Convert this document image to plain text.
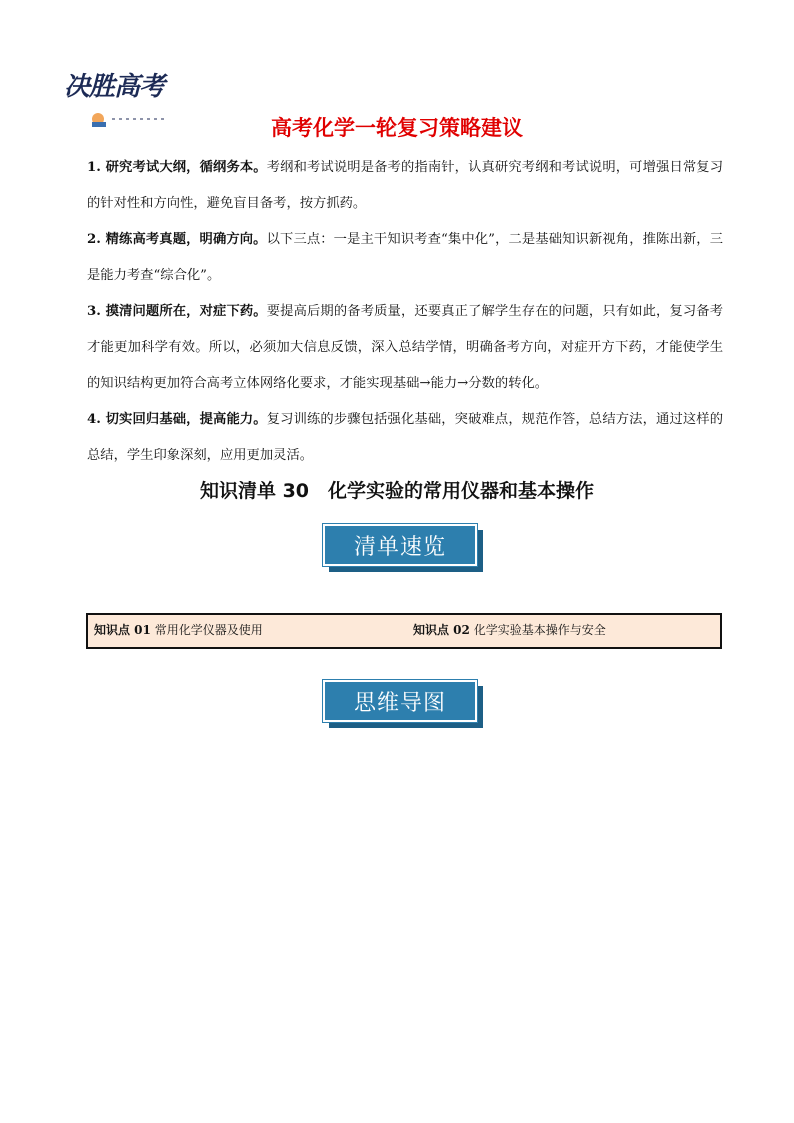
决胜高考
高考化学一轮复习策略建议

1. 研究考试大纲，循纲务本。考纲和考试说明是备考的指南针，认真研究考纲和考试说明，可增强日常复习的针对性和方向性，避免盲目备考，按方抓药。

2. 精练高考真题，明确方向。以下三点：一是主干知识考查“集中化”，二是基础知识新视角，推陈出新，三是能力考查“综合化”。

3. 摸清问题所在，对症下药。要提高后期的备考质量，还要真正了解学生存在的问题，只有如此，复习备考才能更加科学有效。所以，必须加大信息反馈，深入总结学情，明确备考方向，对症开方下药，才能使学生的知识结构更加符合高考立体网络化要求，才能实现基础→能力→分数的转化。

4. 切实回归基础，提高能力。复习训练的步骤包括强化基础，突破难点，规范作答，总结方法，通过这样的总结，学生印象深刻，应用更加灵活。

知识清单 30　化学实验的常用仪器和基本操作
清单速览
知识点 01 常用化学仪器及使用	知识点 02 化学实验基本操作与安全
思维导图
